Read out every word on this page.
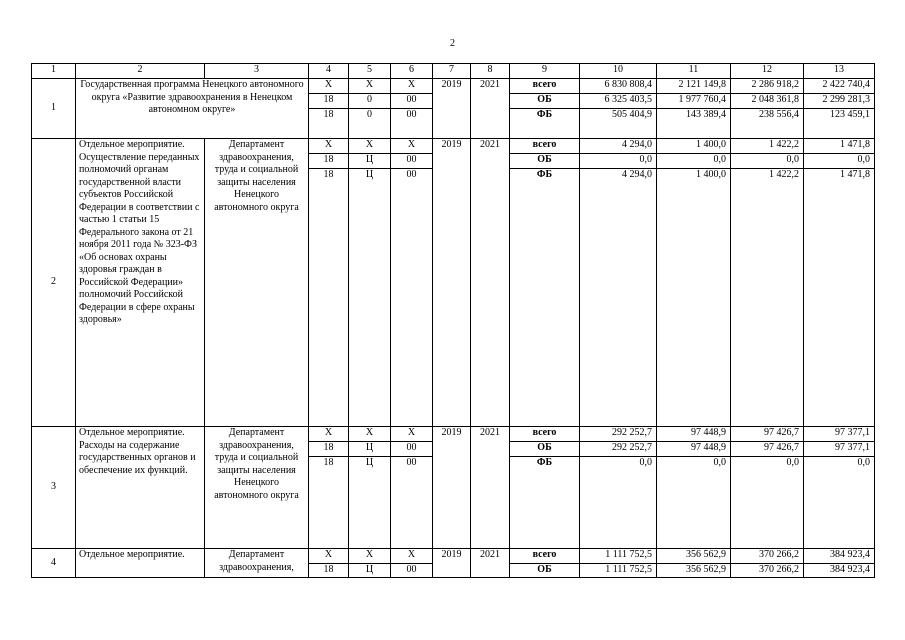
2
1	2	3	4	5	6	7	8	9	10	11	12	13
1	Государственная программа Ненецкого автономного округа «Развитие здравоохранения в Ненецком автономном округе»		Х	Х	Х	2019	2021	всего	6 830 808,4	2 121 149,8	2 286 918,2	2 422 740,4
			18	0	00			ОБ	6 325 403,5	1 977 760,4	2 048 361,8	2 299 281,3
			18	0	00			ФБ	505 404,9	143 389,4	238 556,4	123 459,1
2	Отдельное мероприятие. Осуществление переданных полномочий органам государственной власти субъектов Российской Федерации в соответствии с частью 1 статьи 15 Федерального закона от 21 ноября 2011 года № 323-ФЗ «Об основах охраны здоровья граждан в Российской Федерации» полномочий Российской Федерации в сфере охраны здоровья»	Департамент здравоохранения, труда и социальной защиты населения Ненецкого автономного округа	Х	Х	Х	2019	2021	всего	4 294,0	1 400,0	1 422,2	1 471,8
			18	Ц	00			ОБ	0,0	0,0	0,0	0,0
			18	Ц	00			ФБ	4 294,0	1 400,0	1 422,2	1 471,8
3	Отдельное мероприятие. Расходы на содержание государственных органов и обеспечение их функций.	Департамент здравоохранения, труда и социальной защиты населения Ненецкого автономного округа	Х	Х	Х	2019	2021	всего	292 252,7	97 448,9	97 426,7	97 377,1
			18	Ц	00			ОБ	292 252,7	97 448,9	97 426,7	97 377,1
			18	Ц	00			ФБ	0,0	0,0	0,0	0,0
4	Отдельное мероприятие.	Департамент здравоохранения,	Х	Х	Х	2019	2021	всего	1 111 752,5	356 562,9	370 266,2	384 923,4
			18	Ц	00			ОБ	1 111 752,5	356 562,9	370 266,2	384 923,4
